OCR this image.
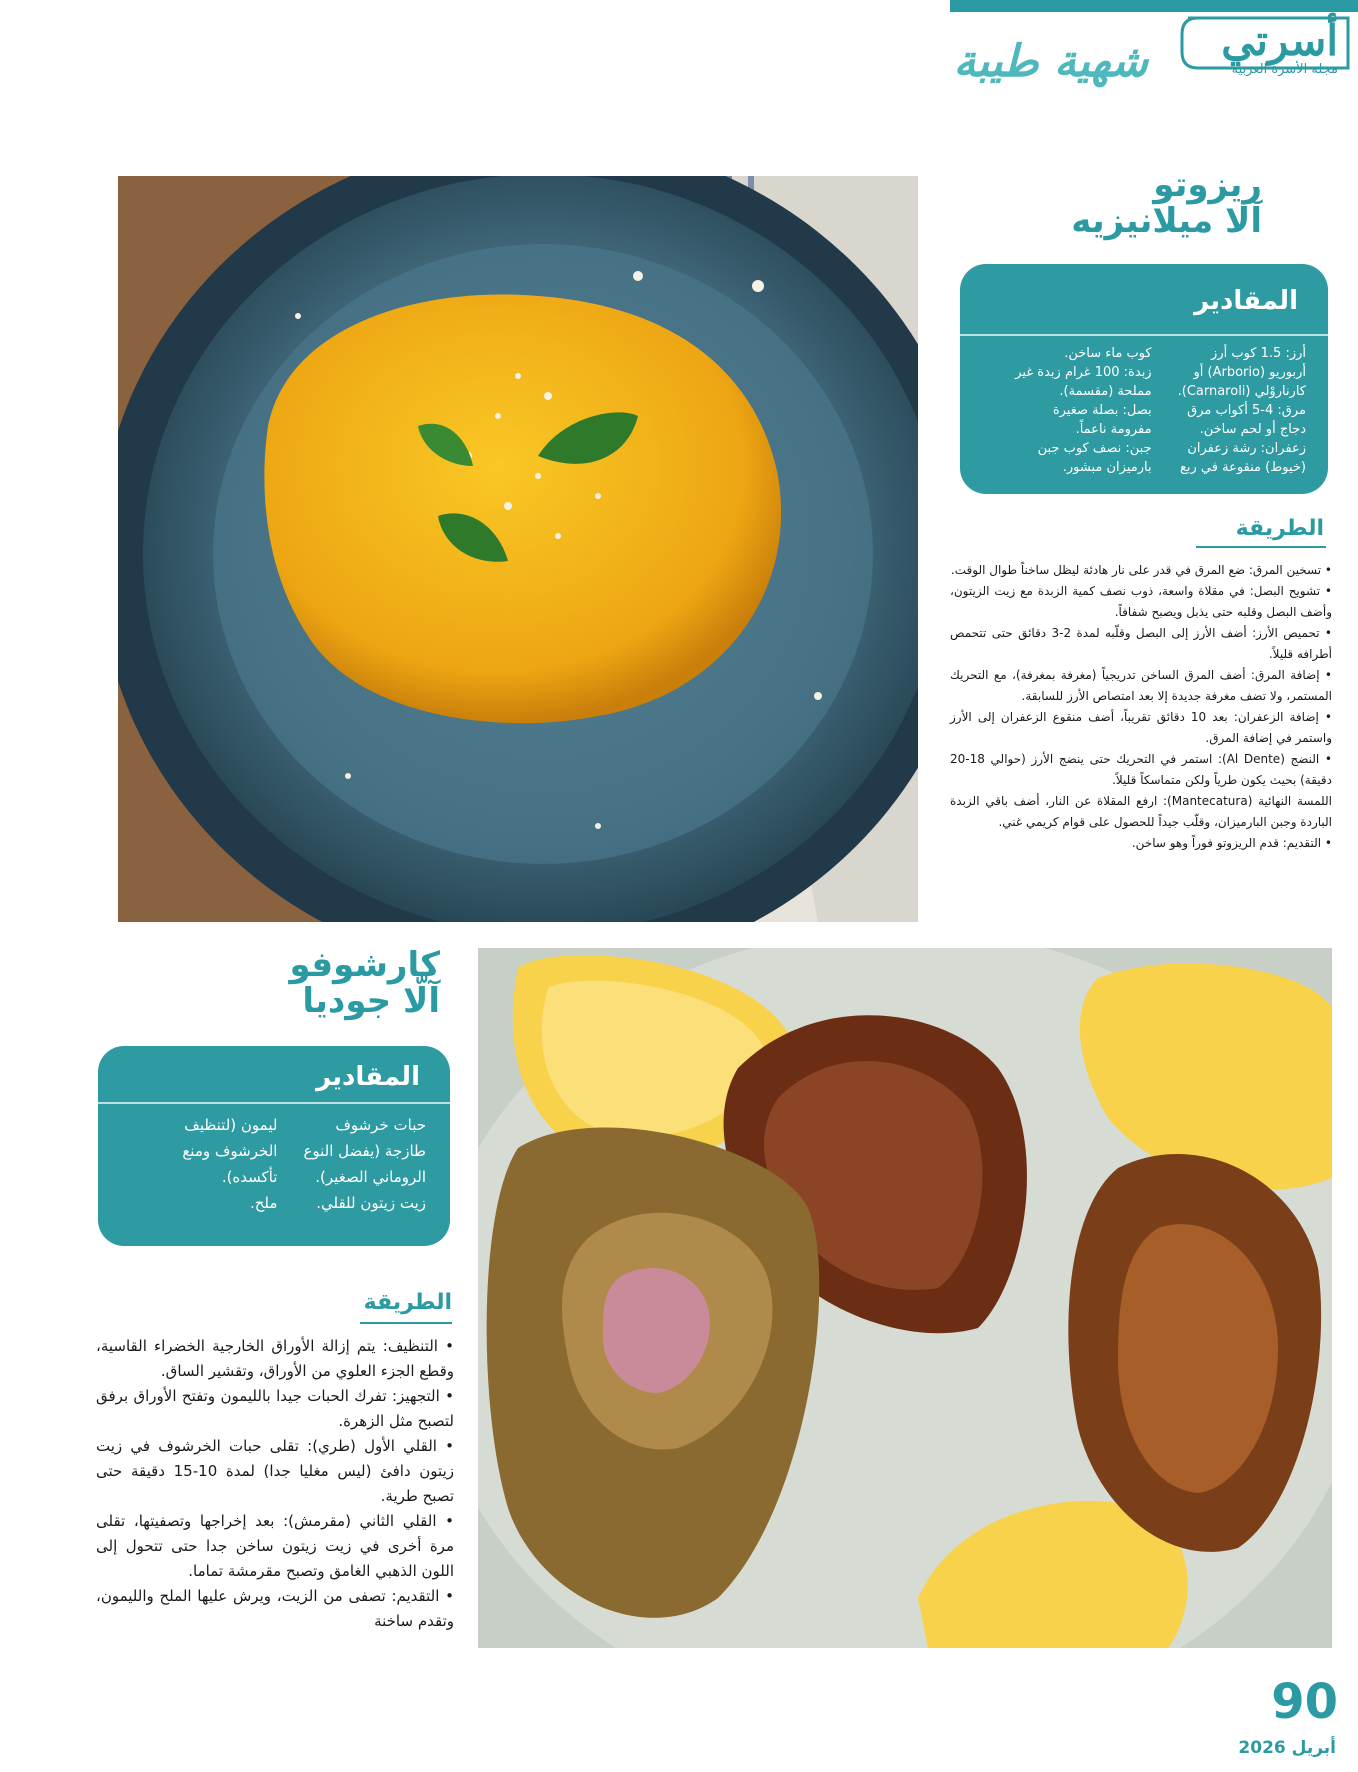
أسرتي
مجلة الأسرة العربية
شهية طيبة
ريزوتو
آلا ميلانيزيه
المقادير
أرز: 1.5 كوب أرز
أربوريو (Arborio) أو
كارناروْلي (Carnaroli).
مرق: 4-5 أكواب مرق
دجاج أو لحم ساخن.
زعفران: رشة زعفران
(خيوط) منقوعة في ربع
كوب ماء ساخن.
زبدة: 100 غرام زبدة غير
مملحة (مقسمة).
بصل: بصلة صغيرة
مفرومة ناعماً.
جبن: نصف كوب جبن
بارميزان مبشور.
الطريقة
• تسخين المرق: ضع المرق في قدر على نار هادئة ليظل ساخناً طوال الوقت.
• تشويح البصل: في مقلاة واسعة، ذوب نصف كمية الزبدة مع زيت الزيتون، وأضف البصل وقلبه حتى يذبل ويصبح شفافاً.
• تحميص الأرز: أضف الأرز إلى البصل وقلّبه لمدة 2-3 دقائق حتى تتحمص أطرافه قليلاً.
• إضافة المرق: أضف المرق الساخن تدريجياً (مغرفة بمغرفة)، مع التحريك المستمر، ولا تضف مغرفة جديدة إلا بعد امتصاص الأرز للسابقة.
• إضافة الزعفران: بعد 10 دقائق تقريباً، أضف منقوع الزعفران إلى الأرز واستمر في إضافة المرق.
• النضج (Al Dente): استمر في التحريك حتى ينضج الأرز (حوالي 18-20 دقيقة) بحيث يكون طرياً ولكن متماسكاً قليلاً.
اللمسة النهائية (Mantecatura): ارفع المقلاة عن النار، أضف باقي الزبدة الباردة وجبن البارميزان، وقلّب جيداً للحصول على قوام كريمي غني.
• التقديم: قدم الريزوتو فوراً وهو ساخن.
كارشوفو
آلّا جوديا
المقادير
حبات خرشوف
طازجة (يفضل النوع
الروماني الصغير).
زيت زيتون للقلي.
ليمون (لتنظيف
الخرشوف ومنع
تأكسده).
ملح.
الطريقة
• التنظيف: يتم إزالة الأوراق الخارجية الخضراء القاسية، وقطع الجزء العلوي من الأوراق، وتقشير الساق.
• التجهيز: تفرك الحبات جيدا بالليمون وتفتح الأوراق برفق لتصبح مثل الزهرة.
• القلي الأول (طري): تقلى حبات الخرشوف في زيت زيتون دافئ (ليس مغليا جدا) لمدة 10-15 دقيقة حتى تصبح طرية.
• القلي الثاني (مقرمش): بعد إخراجها وتصفيتها، تقلى مرة أخرى في زيت زيتون ساخن جدا حتى تتحول إلى اللون الذهبي الغامق وتصبح مقرمشة تماما.
• التقديم: تصفى من الزيت، ويرش عليها الملح والليمون، وتقدم ساخنة
90
أبريل 2026
